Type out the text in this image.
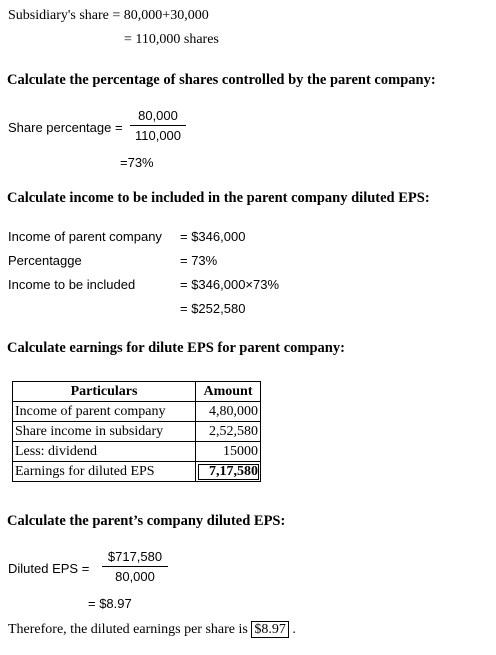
Subsidiary's share = 80,000+30,000
= 110,000 shares
Calculate the percentage of shares controlled by the parent company:
Share percentage =
80,000
110,000
=73%
Calculate income to be included in the parent company diluted EPS:
Income of parent company = $346,000
Percentagge	= 73%
Income to be included	= $346,000×73%
= $252,580
Calculate earnings for dilute EPS for parent company:
Particulars	Amount
Income of parent company	4,80,000
Share income in subsidary	2,52,580
Less: dividend	15000
Earnings for diluted EPS	7,17,580
Calculate the parent’s company diluted EPS:
Diluted EPS =
$717,580
80,000
= $8.97
Therefore, the diluted earnings per share is $8.97 .
